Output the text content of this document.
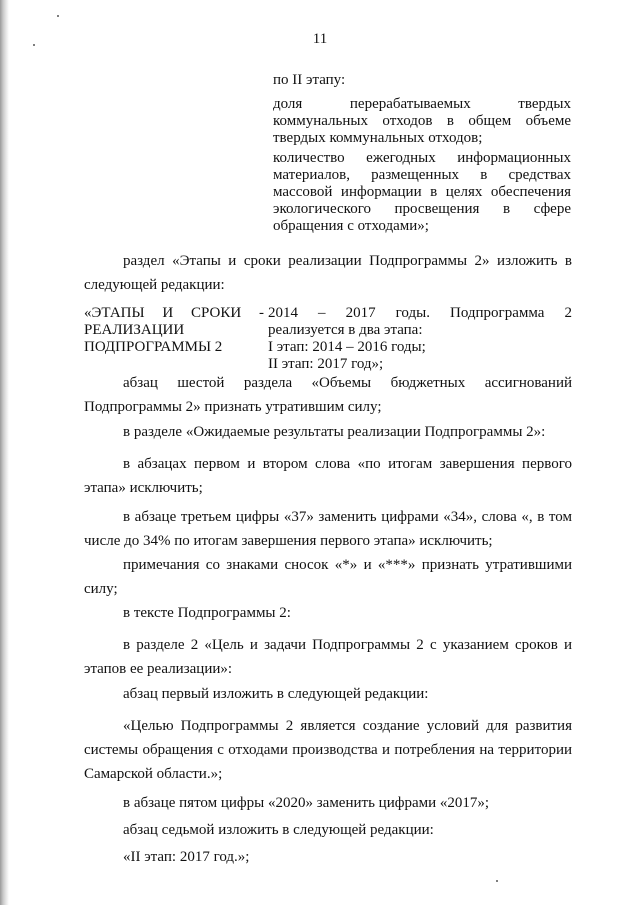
11
по II этапу:
доля перерабатываемых твердых коммунальных отходов в общем объеме твердых коммунальных отходов;
количество ежегодных информационных материалов, размещенных в средствах массовой информации в целях обеспечения экологического просвещения в сфере обращения с отходами»;
раздел «Этапы и сроки реализации Подпрограммы 2» изложить в следующей редакции:
«ЭТАПЫ И СРОКИ -
РЕАЛИЗАЦИИ
ПОДПРОГРАММЫ 2
2014 – 2017 годы. Подпрограмма 2
реализуется в два этапа:
I этап: 2014 – 2016 годы;
II этап: 2017 год»;
абзац шестой раздела «Объемы бюджетных ассигнований Подпрограммы 2» признать утратившим силу;
в разделе «Ожидаемые результаты реализации Подпрограммы 2»:
в абзацах первом и втором слова «по итогам завершения первого этапа» исключить;
в абзаце третьем цифры «37» заменить цифрами «34», слова «, в том числе до 34% по итогам завершения первого этапа» исключить;
примечания со знаками сносок «*» и «***» признать утратившими силу;
в тексте Подпрограммы 2:
в разделе 2 «Цель и задачи Подпрограммы 2 с указанием сроков и этапов ее реализации»:
абзац первый изложить в следующей редакции:
«Целью Подпрограммы 2 является создание условий для развития системы обращения с отходами производства и потребления на территории Самарской области.»;
в абзаце пятом цифры «2020» заменить цифрами «2017»;
абзац седьмой изложить в следующей редакции:
«II этап: 2017 год.»;
